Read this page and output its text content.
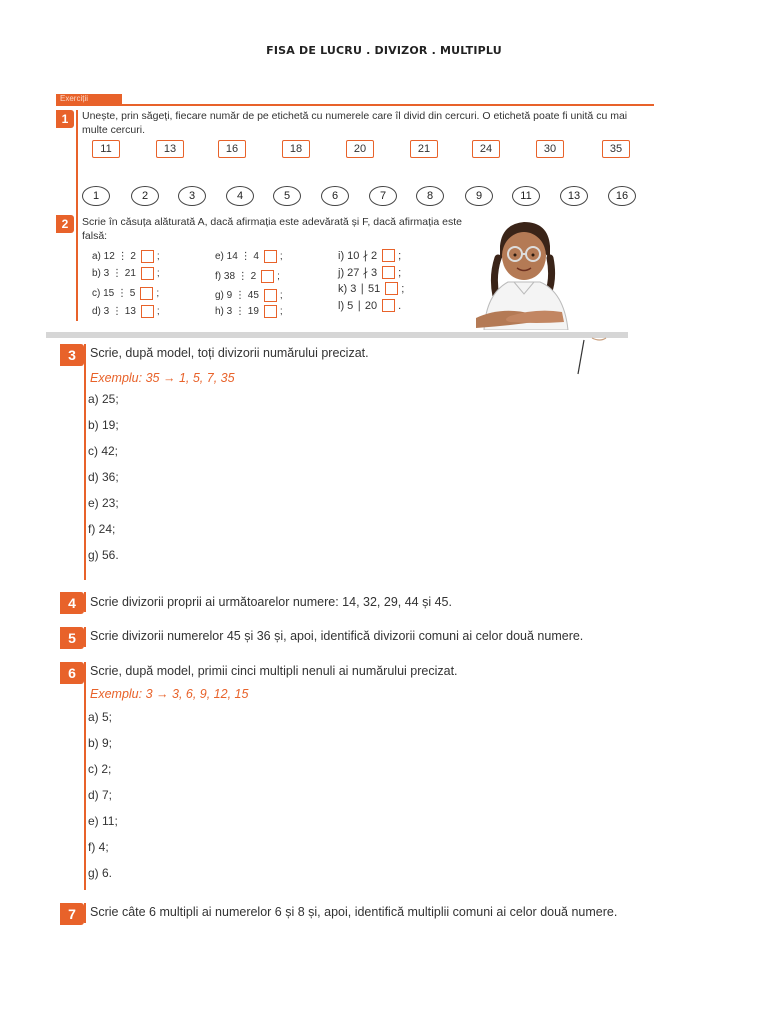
FISA DE LUCRU . DIVIZOR . MULTIPLU
Exerciții
1	Unește, prin săgeți, fiecare număr de pe etichetă cu numerele care îl divid din cercuri. O etichetă poate fi unită cu mai multe cercuri.
11	13	16	18	20	21	24	30	35
1	2	3	4	5	6	7	8	9	11	13	16
2	Scrie în căsuța alăturată A, dacă afirmația este adevărată și F, dacă afirmația este falsă:
a) 12 ⋮ 2 ;
b) 3 ⋮ 21 ;
c) 15 ⋮ 5 ;
d) 3 ⋮ 13 ;
e) 14 ⋮ 4 ;
f) 38 ⋮ 2 ;
g) 9 ⋮ 45 ;
h) 3 ⋮ 19 ;
i) 10 ∤ 2 ;
j) 27 ∤ 3 ;
k) 3 ∣ 51 ;
l) 5 ∣ 20 .
3	Scrie, după model, toți divizorii numărului precizat.
Exemplu: 35 → 1, 5, 7, 35
a) 25;
b) 19;
c) 42;
d) 36;
e) 23;
f) 24;
g) 56.
4	Scrie divizorii proprii ai următoarelor numere: 14, 32, 29, 44 și 45.
5	Scrie divizorii numerelor 45 și 36 și, apoi, identifică divizorii comuni ai celor două numere.
6	Scrie, după model, primii cinci multipli nenuli ai numărului precizat.
Exemplu: 3 → 3, 6, 9, 12, 15
a) 5;
b) 9;
c) 2;
d) 7;
e) 11;
f) 4;
g) 6.
7	Scrie câte 6 multipli ai numerelor 6 și 8 și, apoi, identifică multiplii comuni ai celor două numere.
